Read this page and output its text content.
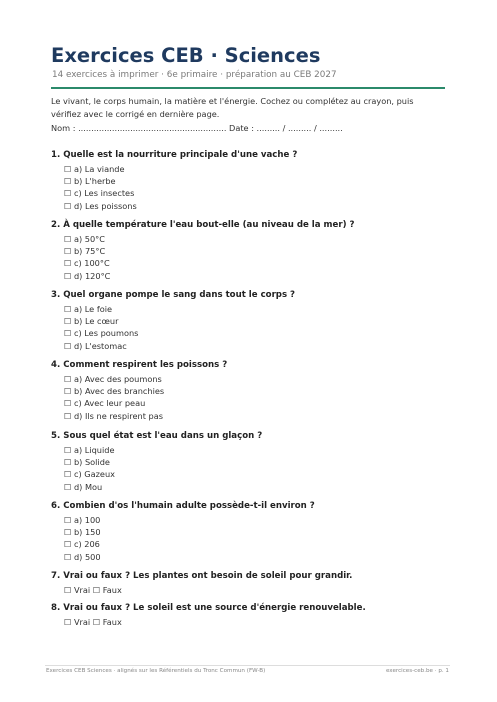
Exercices CEB · Sciences
14 exercices à imprimer · 6e primaire · préparation au CEB 2027
Le vivant, le corps humain, la matière et l'énergie. Cochez ou complétez au crayon, puis vérifiez avec le corrigé en dernière page.
Nom : ......................................................... Date : ......... / ......... / .........

1. Quelle est la nourriture principale d'une vache ?

☐ a) La viande
☐ b) L'herbe
☐ c) Les insectes
☐ d) Les poissons

2. À quelle température l'eau bout-elle (au niveau de la mer) ?

☐ a) 50°C
☐ b) 75°C
☐ c) 100°C
☐ d) 120°C

3. Quel organe pompe le sang dans tout le corps ?

☐ a) Le foie
☐ b) Le cœur
☐ c) Les poumons
☐ d) L'estomac

4. Comment respirent les poissons ?

☐ a) Avec des poumons
☐ b) Avec des branchies
☐ c) Avec leur peau
☐ d) Ils ne respirent pas

5. Sous quel état est l'eau dans un glaçon ?

☐ a) Liquide
☐ b) Solide
☐ c) Gazeux
☐ d) Mou

6. Combien d'os l'humain adulte possède-t-il environ ?

☐ a) 100
☐ b) 150
☐ c) 206
☐ d) 500

7. Vrai ou faux ? Les plantes ont besoin de soleil pour grandir.

☐ Vrai ☐ Faux

8. Vrai ou faux ? Le soleil est une source d'énergie renouvelable.

☐ Vrai ☐ Faux
Exercices CEB Sciences · alignés sur les Référentiels du Tronc Commun (FW-B)	exercices-ceb.be · p. 1
